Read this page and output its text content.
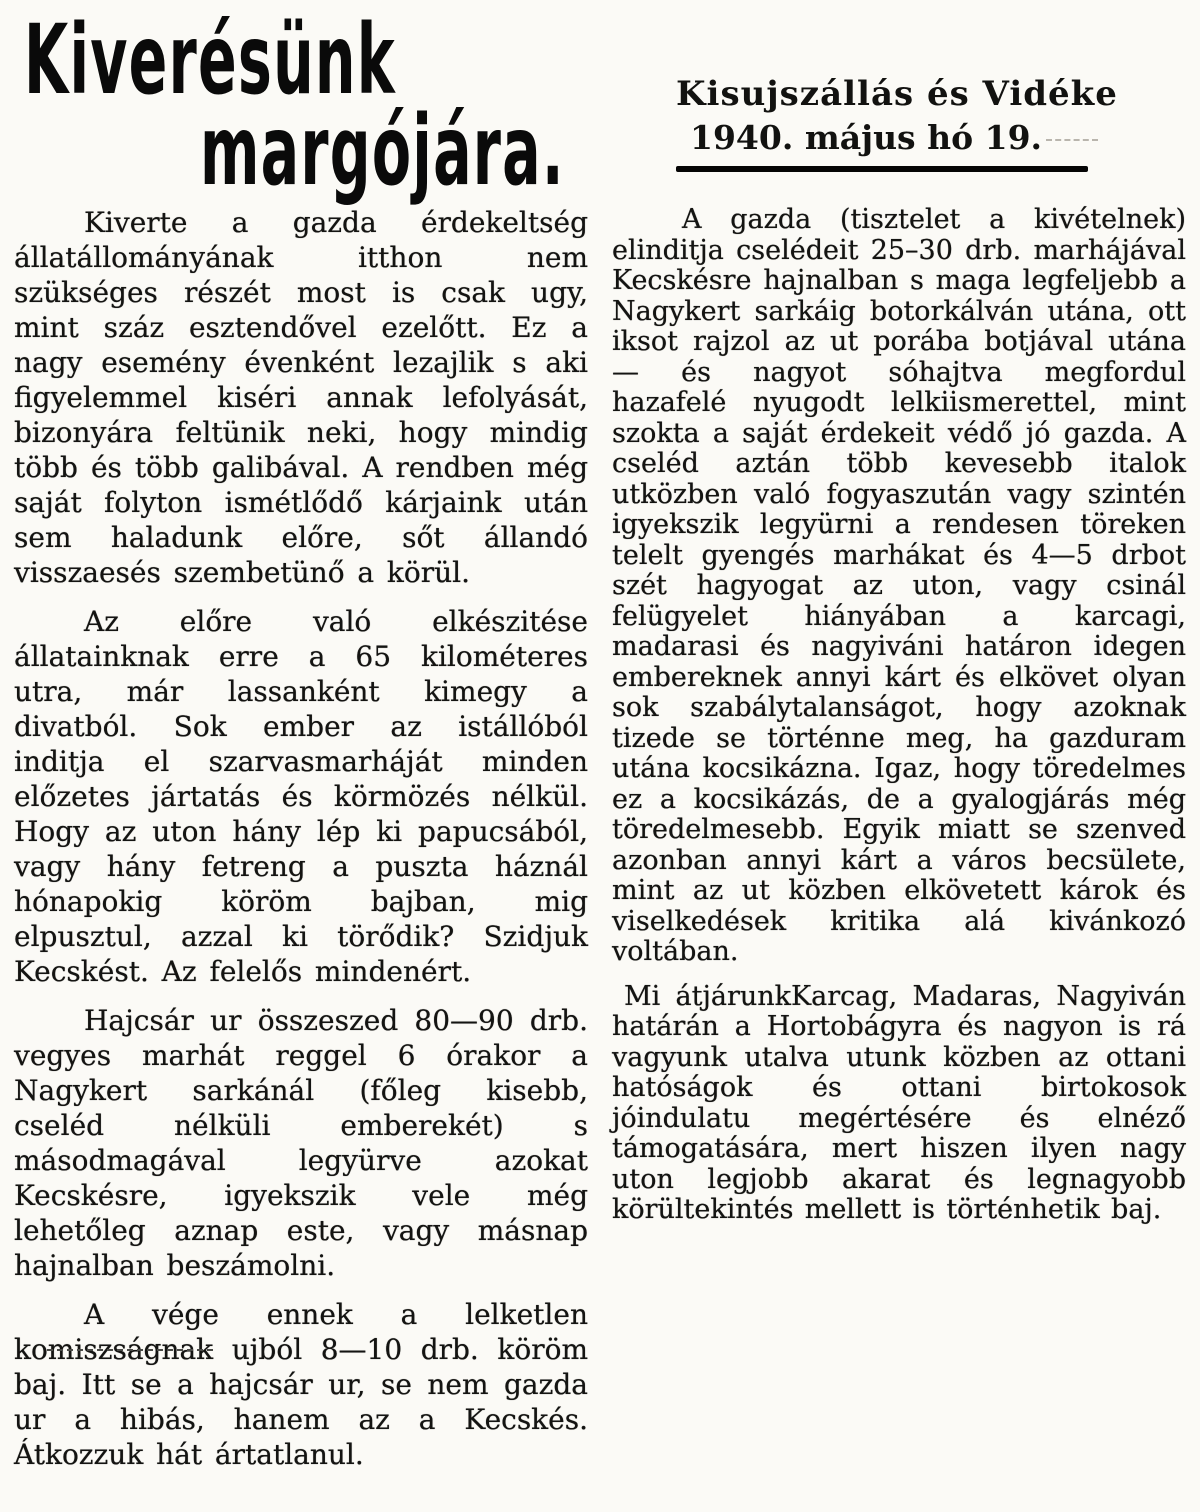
Kiverésünk
margójára.
Kisujszállás és Vidéke
1940. május hó 19.

Kiverte a gazda érdekeltség állatállományának itthon nem szükséges részét most is csak ugy, mint száz esztendővel ezelőtt. Ez a nagy esemény évenként lezajlik s aki figyelemmel kiséri annak lefolyását, bizonyára feltünik neki, hogy mindig több és több galibával. A rendben még saját folyton ismétlődő kárjaink után sem haladunk előre, sőt állandó visszaesés szembetünő a körül.

Az előre való elkészitése állatainknak erre a 65 kilométeres utra, már lassanként kimegy a divatból. Sok ember az istállóból inditja el szarvasmarháját minden előzetes jártatás és körmözés nélkül. Hogy az uton hány lép ki papucsából, vagy hány fetreng a puszta háznál hónapokig köröm bajban, mig elpusztul, azzal ki törődik? Szidjuk Kecskést. Az felelős mindenért.

Hajcsár ur összeszed 80—90 drb. vegyes marhát reggel 6 órakor a Nagykert sarkánál (főleg kisebb, cseléd nélküli emberekét) s másodmagával legyürve azokat Kecskésre, igyekszik vele még lehetőleg aznap este, vagy másnap hajnalban beszámolni.

A vége ennek a lelketlen komiszságnak ujból 8—10 drb. köröm baj. Itt se a hajcsár ur, se nem gazda ur a hibás, hanem az a Kecskés. Átkozzuk hát ártatlanul.

A gazda (tisztelet a kivételnek) elinditja cselédeit 25–30 drb. marhájával Kecskésre hajnalban s maga legfeljebb a Nagykert sarkáig botorkálván utána, ott iksot rajzol az ut porába botjával utána — és nagyot sóhajtva megfordul hazafelé nyugodt lelkiismerettel, mint szokta a saját érdekeit védő jó gazda. A cseléd aztán több kevesebb italok utközben való fogyaszután vagy szintén igyekszik legyürni a rendesen töreken telelt gyengés marhákat és 4—5 drbot szét hagyogat az uton, vagy csinál felügyelet hiányában a karcagi, madarasi és nagyiváni határon idegen embereknek annyi kárt és elkövet olyan sok szabálytalanságot, hogy azoknak tizede se történne meg, ha gazduram utána kocsikázna. Igaz, hogy töredelmes ez a kocsikázás, de a gyalogjárás még töredelmesebb. Egyik miatt se szenved azonban annyi kárt a város becsülete, mint az ut közben elkövetett károk és viselkedések kritika alá kivánkozó voltában.

Mi átjárunkKarcag, Madaras, Nagyiván határán a Hortobágyra és nagyon is rá vagyunk utalva utunk közben az ottani hatóságok és ottani birtokosok jóindulatu megértésére és elnéző támogatására, mert hiszen ilyen nagy uton legjobb akarat és legnagyobb körültekintés mellett is történhetik baj.
